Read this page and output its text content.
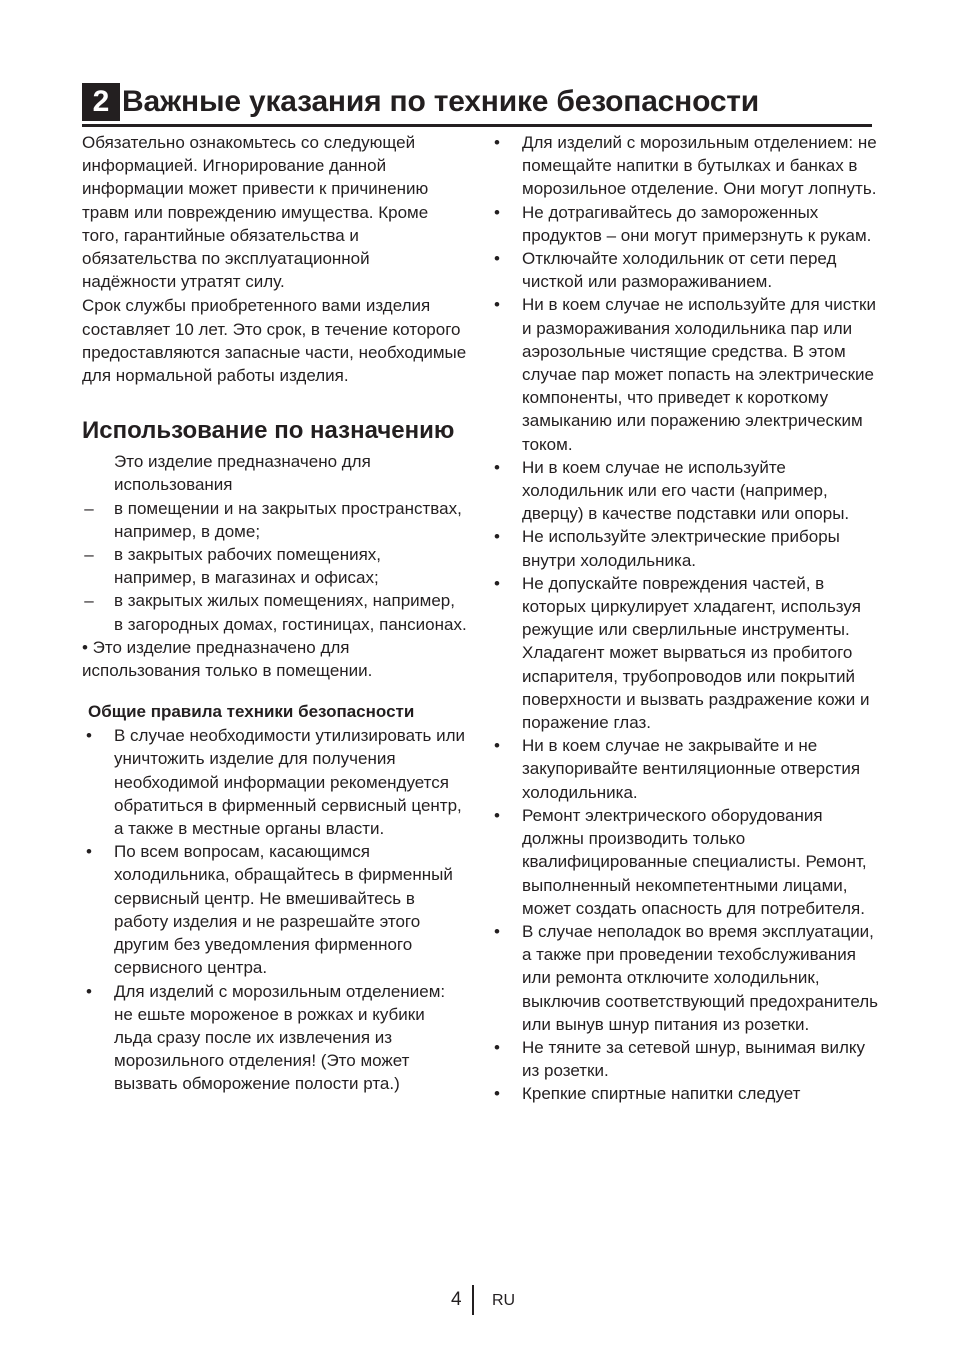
2 Важные указания по технике безопасности
Обязательно ознакомьтесь со следующей информацией. Игнорирование данной информации может привести к причинению травм или повреждению имущества. Кроме того, гарантийные обязательства и обязательства по эксплуатационной надёжности утратят силу.
Срок службы приобретенного вами изделия составляет 10 лет. Это срок, в течение которого предоставляются запасные части, необходимые для нормальной работы изделия.
Использование по назначению
Это изделие предназначено для использования
– в помещении и на закрытых пространствах, например, в доме;
– в закрытых рабочих помещениях, например, в магазинах и офисах;
– в закрытых жилых помещениях, например, в загородных домах, гостиницах, пансионах.
• Это изделие предназначено для использования только в помещении.
Общие правила техники безопасности
• В случае необходимости утилизировать или уничтожить изделие для получения необходимой информации рекомендуется обратиться в фирменный сервисный центр, а также в местные органы власти.
• По всем вопросам, касающимся холодильника, обращайтесь в фирменный сервисный центр. Не вмешивайтесь в работу изделия и не разрешайте этого другим без уведомления фирменного сервисного центра.
• Для изделий с морозильным отделением: не ешьте мороженое в рожках и кубики льда сразу после их извлечения из морозильного отделения! (Это может вызвать обморожение полости рта.)
• Для изделий с морозильным отделением: не помещайте напитки в бутылках и банках в морозильное отделение. Они могут лопнуть.
• Не дотрагивайтесь до замороженных продуктов – они могут примерзнуть к рукам.
• Отключайте холодильник от сети перед чисткой или размораживанием.
• Ни в коем случае не используйте для чистки и размораживания холодильника пар или аэрозольные чистящие средства. В этом случае пар может попасть на электрические компоненты, что приведет к короткому замыканию или поражению электрическим током.
• Ни в коем случае не используйте холодильник или его части (например, дверцу) в качестве подставки или опоры.
• Не используйте электрические приборы внутри холодильника.
• Не допускайте повреждения частей, в которых циркулирует хладагент, используя режущие или сверлильные инструменты. Хладагент может вырваться из пробитого испарителя, трубопроводов или покрытий поверхности и вызвать раздражение кожи и поражение глаз.
• Ни в коем случае не закрывайте и не закупоривайте вентиляционные отверстия холодильника.
• Ремонт электрического оборудования должны производить только квалифицированные специалисты. Ремонт, выполненный некомпетентными лицами, может создать опасность для потребителя.
• В случае неполадок во время эксплуатации, а также при проведении техобслуживания или ремонта отключите холодильник, выключив соответствующий предохранитель или вынув шнур питания из розетки.
• Не тяните за сетевой шнур, вынимая вилку из розетки.
• Крепкие спиртные напитки следует
4 RU
